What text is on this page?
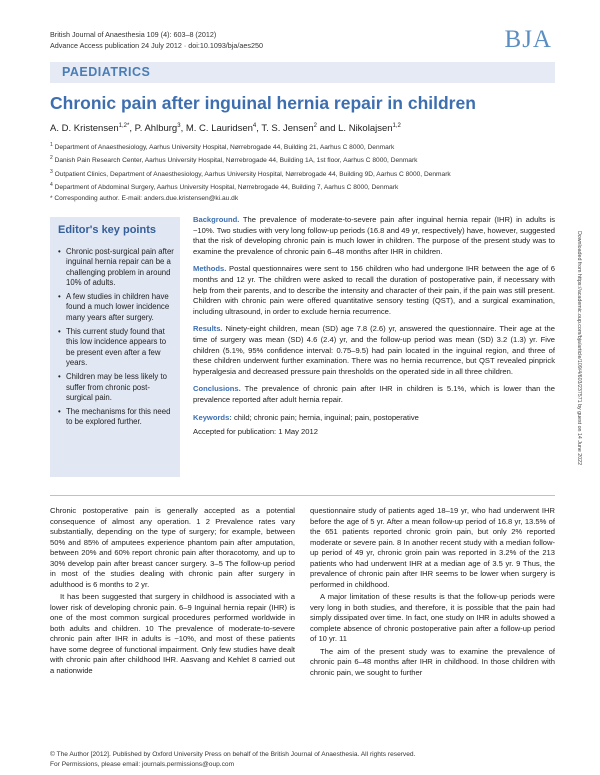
British Journal of Anaesthesia 109 (4): 603–8 (2012)
Advance Access publication 24 July 2012 · doi:10.1093/bja/aes250	BJA
PAEDIATRICS
Chronic pain after inguinal hernia repair in children
A. D. Kristensen$^{1,2*}$, P. Ahlburg$^3$, M. C. Lauridsen$^4$, T. S. Jensen$^2$ and L. Nikolajsen$^{1,2}$
$^1$ Department of Anaesthesiology, Aarhus University Hospital, Nørrebrogade 44, Building 21, Aarhus C 8000, Denmark
$^2$ Danish Pain Research Center, Aarhus University Hospital, Nørrebrogade 44, Building 1A, 1st floor, Aarhus C 8000, Denmark
$^3$ Outpatient Clinics, Department of Anaesthesiology, Aarhus University Hospital, Nørrebrogade 44, Building 9D, Aarhus C 8000, Denmark
$^4$ Department of Abdominal Surgery, Aarhus University Hospital, Nørrebrogade 44, Building 7, Aarhus C 8000, Denmark
* Corresponding author. E-mail: anders.due.kristensen@ki.au.dk
Editor's key points
• Chronic post-surgical pain after inguinal hernia repair can be a challenging problem in around 10% of adults.
• A few studies in children have found a much lower incidence many years after surgery.
• This current study found that this low incidence appears to be present even after a few years.
• Children may be less likely to suffer from chronic post-surgical pain.
• The mechanisms for this need to be explored further.

Background. The prevalence of moderate-to-severe pain after inguinal hernia repair (IHR) in adults is ~10%. Two studies with very long follow-up periods (16.8 and 49 yr, respectively) have, however, suggested that the risk of developing chronic pain is much lower in children. The purpose of the present study was to examine the prevalence of chronic pain 6–48 months after IHR in children.

Methods. Postal questionnaires were sent to 156 children who had undergone IHR between the age of 6 months and 12 yr. The children were asked to recall the duration of postoperative pain, if necessary with help from their parents, and to describe the intensity and character of their pain, if the pain was still present. Children with chronic pain were offered quantitative sensory testing (QST), and a surgical examination, including ultrasound, in order to exclude hernia recurrence.

Results. Ninety-eight children, mean (SD) age 7.8 (2.6) yr, answered the questionnaire. Their age at the time of surgery was mean (SD) 4.6 (2.4) yr, and the follow-up period was mean (SD) 3.2 (1.3) yr. Five children (5.1%, 95% confidence interval: 0.75–9.5) had pain located in the inguinal region, and three of these children underwent further examination. There was no hernia recurrence, but QST revealed pinprick hyperalgesia and decreased pressure pain thresholds on the operated side in all three children.

Conclusions. The prevalence of chronic pain after IHR in children is 5.1%, which is lower than the prevalence reported after adult hernia repair.

Keywords: child; chronic pain; hernia, inguinal; pain, postoperative

Accepted for publication: 1 May 2012

Chronic postoperative pain is generally accepted as a potential consequence of almost any operation. 1 2 Prevalence rates vary substantially, depending on the type of surgery; for example, between 50% and 85% of amputees experience phantom pain after amputation, between 20% and 60% report chronic pain after thoracotomy, and up to 30% develop pain after breast cancer surgery. 3–5 The follow-up period in most of the studies dealing with chronic pain after surgery in adulthood is 6 months to 2 yr.

It has been suggested that surgery in childhood is associated with a lower risk of developing chronic pain. 6–9 Inguinal hernia repair (IHR) is one of the most common surgical procedures performed worldwide in both adults and children. 10 The prevalence of moderate-to-severe chronic pain after IHR in adults is ~10%, and most of these patients have some degree of functional impairment. Only few studies have dealt with chronic pain after childhood IHR. Aasvang and Kehlet 8 carried out a nationwide

questionnaire study of patients aged 18–19 yr, who had underwent IHR before the age of 5 yr. After a mean follow-up period of 16.8 yr, 13.5% of the 651 patients reported chronic groin pain, but only 2% reported moderate or severe pain. 8 In another recent study with a median follow-up period of 49 yr, chronic groin pain was reported in 3.2% of the 213 patients who had underwent IHR at a median age of 3.5 yr. 9 Thus, the prevalence of chronic pain after IHR seems to be lower when surgery is performed in childhood.

A major limitation of these results is that the follow-up periods were very long in both studies, and therefore, it is possible that the pain had simply dissipated over time. In fact, one study on IHR in adults showed a complete absence of chronic postoperative pain after a follow-up period of 10 yr. 11

The aim of the present study was to examine the prevalence of chronic pain 6–48 months after IHR in childhood. In those children with chronic pain, we sought to further

© The Author [2012]. Published by Oxford University Press on behalf of the British Journal of Anaesthesia. All rights reserved.
For Permissions, please email: journals.permissions@oup.com
Downloaded from https://academic.oup.com/bja/article/109/4/603/237571 by guest on 14 June 2022
